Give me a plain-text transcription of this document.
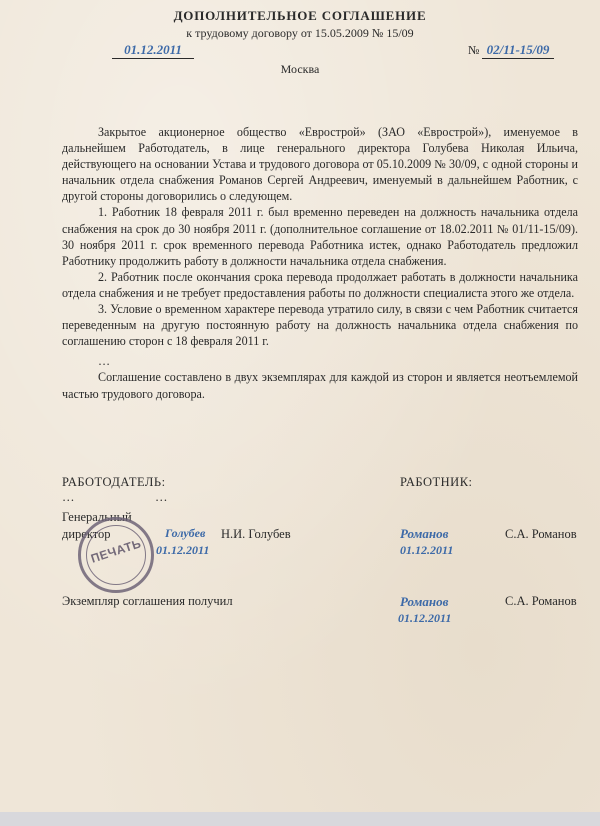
ДОПОЛНИТЕЛЬНОЕ СОГЛАШЕНИЕ
к трудовому договору от 15.05.2009 № 15/09
01.12.2011	№ 02/11-15/09
Москва

Закрытое акционерное общество «Еврострой» (ЗАО «Еврострой»), именуемое в дальнейшем Работодатель, в лице генерального директора Голубева Николая Ильича, действующего на основании Устава и трудового договора от 05.10.2009 № 30/09, с одной стороны и начальник отдела снабжения Романов Сергей Андреевич, именуемый в дальнейшем Работник, с другой стороны договорились о следующем.

1. Работник 18 февраля 2011 г. был временно переведен на должность начальника отдела снабжения на срок до 30 ноября 2011 г. (дополнительное соглашение от 18.02.2011 № 01/11-15/09). 30 ноября 2011 г. срок временного перевода Работника истек, однако Работодатель предложил Работнику продолжить работу в должности начальника отдела снабжения.

2. Работник после окончания срока перевода продолжает работать в должности начальника отдела снабжения и не требует предоставления работы по должности специалиста этого же отдела.

3. Условие о временном характере перевода утратило силу, в связи с чем Работник считается переведенным на другую постоянную работу на должность начальника отдела снабжения по соглашению сторон с 18 февраля 2011 г.

…

Соглашение составлено в двух экземплярах для каждой из сторон и является неотъемлемой частью трудового договора.

РАБОТОДАТЕЛЬ:	РАБОТНИК:
…	…
Генеральный
директор
ПЕЧАТЬ
Голубев
01.12.2011
Н.И. Голубев	Романов
01.12.2011
С.А. Романов
Экземпляр соглашения получил	Романов
01.12.2011
С.А. Романов
